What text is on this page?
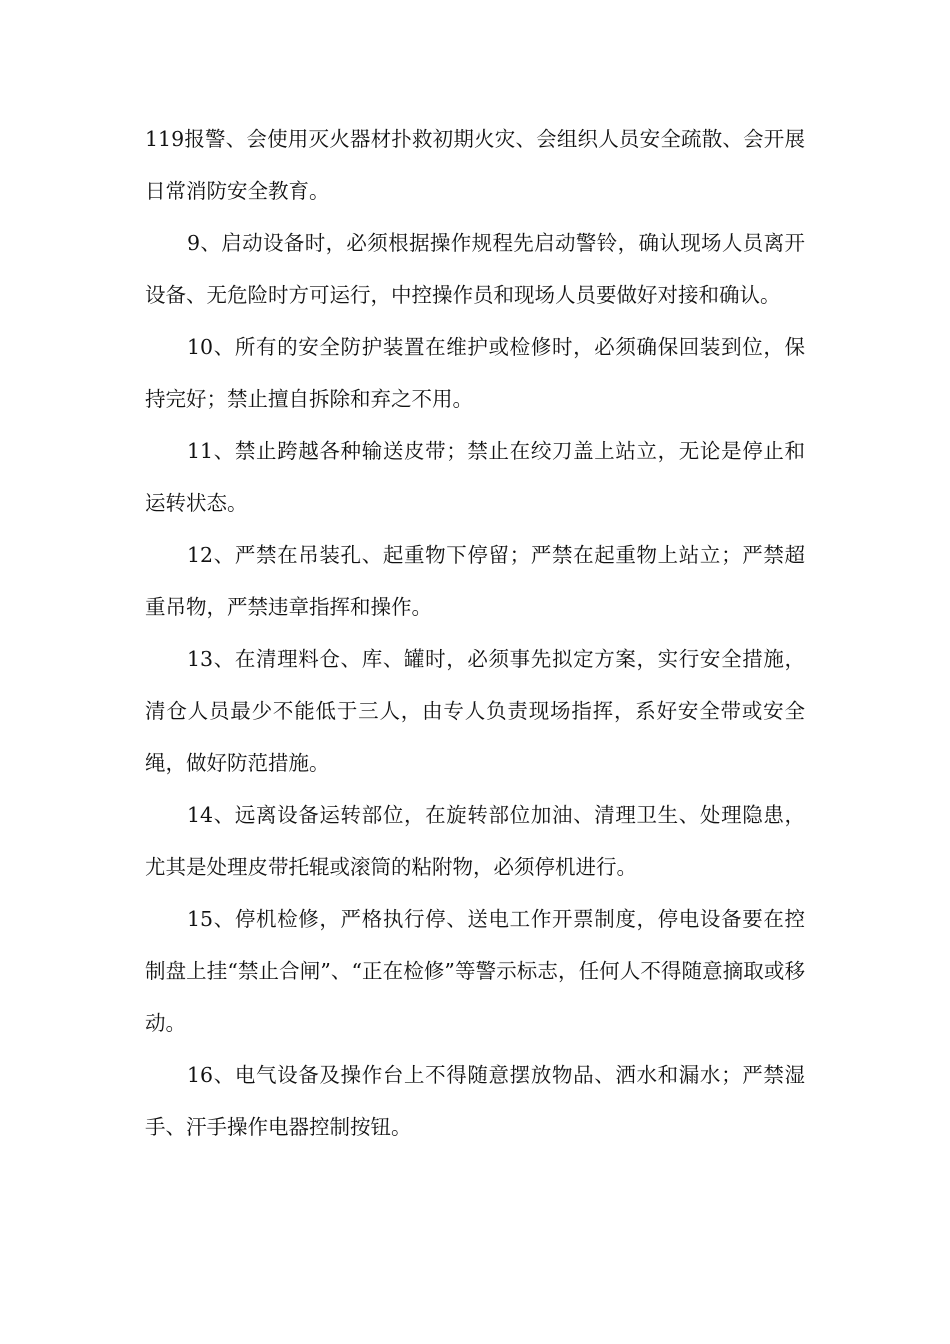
119报警、会使用灭火器材扑救初期火灾、会组织人员安全疏散、会开展日常消防安全教育。

9、启动设备时，必须根据操作规程先启动警铃，确认现场人员离开设备、无危险时方可运行，中控操作员和现场人员要做好对接和确认。

10、所有的安全防护装置在维护或检修时，必须确保回装到位，保持完好；禁止擅自拆除和弃之不用。

11、禁止跨越各种输送皮带；禁止在绞刀盖上站立，无论是停止和运转状态。

12、严禁在吊装孔、起重物下停留；严禁在起重物上站立；严禁超重吊物，严禁违章指挥和操作。

13、在清理料仓、库、罐时，必须事先拟定方案，实行安全措施，清仓人员最少不能低于三人，由专人负责现场指挥，系好安全带或安全绳，做好防范措施。

14、远离设备运转部位，在旋转部位加油、清理卫生、处理隐患，尤其是处理皮带托辊或滚筒的粘附物，必须停机进行。

15、停机检修，严格执行停、送电工作开票制度，停电设备要在控制盘上挂“禁止合闸”、“正在检修”等警示标志，任何人不得随意摘取或移动。

16、电气设备及操作台上不得随意摆放物品、洒水和漏水；严禁湿手、汗手操作电器控制按钮。
